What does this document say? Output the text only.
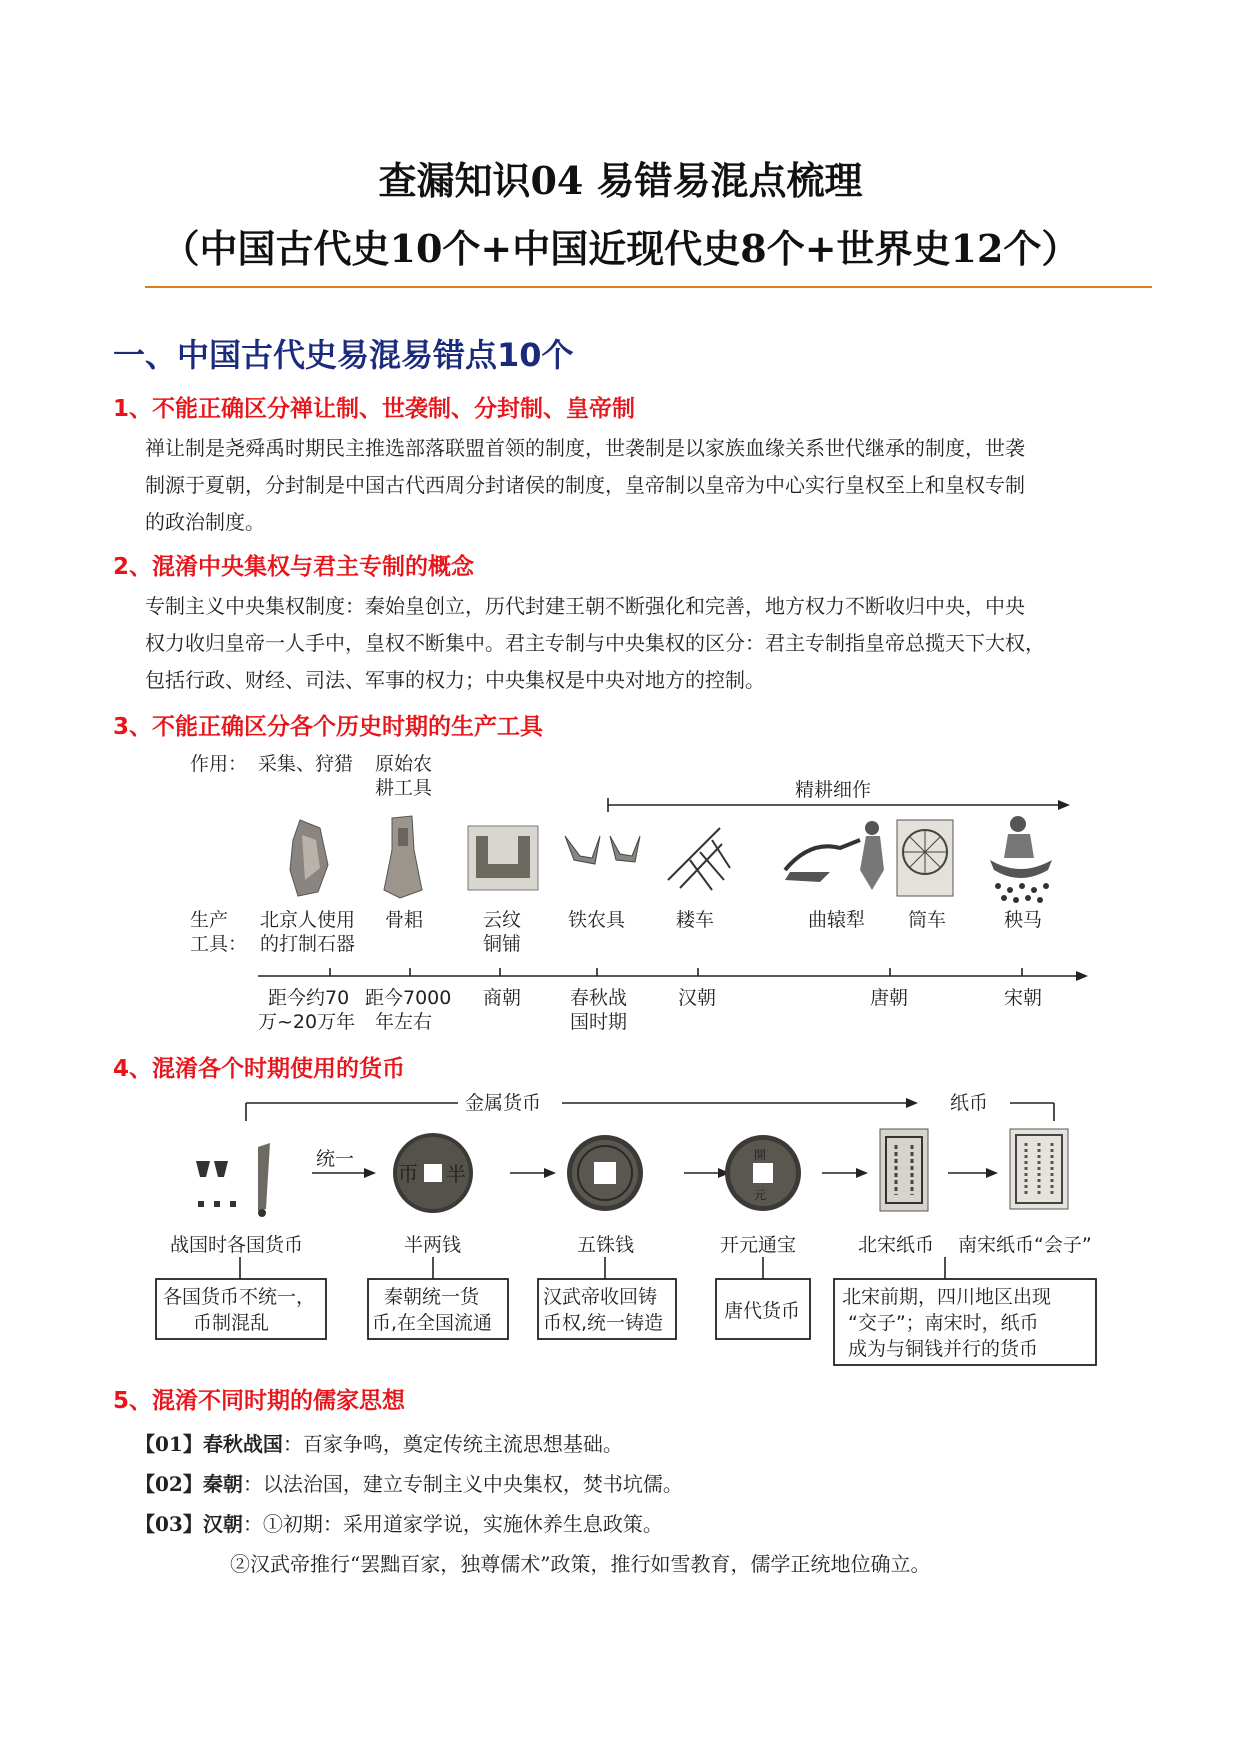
查漏知识04 易错易混点梳理
（中国古代史10个+中国近现代史8个+世界史12个）
一、中国古代史易混易错点10个
1、不能正确区分禅让制、世袭制、分封制、皇帝制
禅让制是尧舜禹时期民主推选部落联盟首领的制度，世袭制是以家族血缘关系世代继承的制度，世袭
制源于夏朝，分封制是中国古代西周分封诸侯的制度，皇帝制以皇帝为中心实行皇权至上和皇权专制
的政治制度。
2、混淆中央集权与君主专制的概念
专制主义中央集权制度：秦始皇创立，历代封建王朝不断强化和完善，地方权力不断收归中央，中央
权力收归皇帝一人手中，皇权不断集中。君主专制与中央集权的区分：君主专制指皇帝总揽天下大权，
包括行政、财经、司法、军事的权力；中央集权是中央对地方的控制。
3、不能正确区分各个历史时期的生产工具
作用： 采集、狩猎 原始农
耕工具	精耕细作
生产
工具：
北京人使用
的打制石器
骨耜	云纹
铜铺
铁农具	耧车	曲辕犁 筒车	秧马
距今约70
万~20万年
距今7000
年左右
商朝	春秋战
国时期
汉朝	唐朝	宋朝
4、混淆各个时期使用的货币
金属货币	纸币
统一
帀 半
開
元
战国时各国货币	半两钱	五铢钱	开元通宝	北宋纸币 南宋纸币“会子”
各国货币不统一，
币制混乱
秦朝统一货
币,在全国流通
汉武帝收回铸
币权,统一铸造
唐代货币
北宋前期，四川地区出现
“交子”；南宋时，纸币
成为与铜钱并行的货币
5、混淆不同时期的儒家思想
【01】春秋战国：百家争鸣，奠定传统主流思想基础。
【02】秦朝：以法治国，建立专制主义中央集权，焚书坑儒。
【03】汉朝：①初期：采用道家学说，实施休养生息政策。
②汉武帝推行“罢黜百家，独尊儒术”政策，推行如雪教育，儒学正统地位确立。
